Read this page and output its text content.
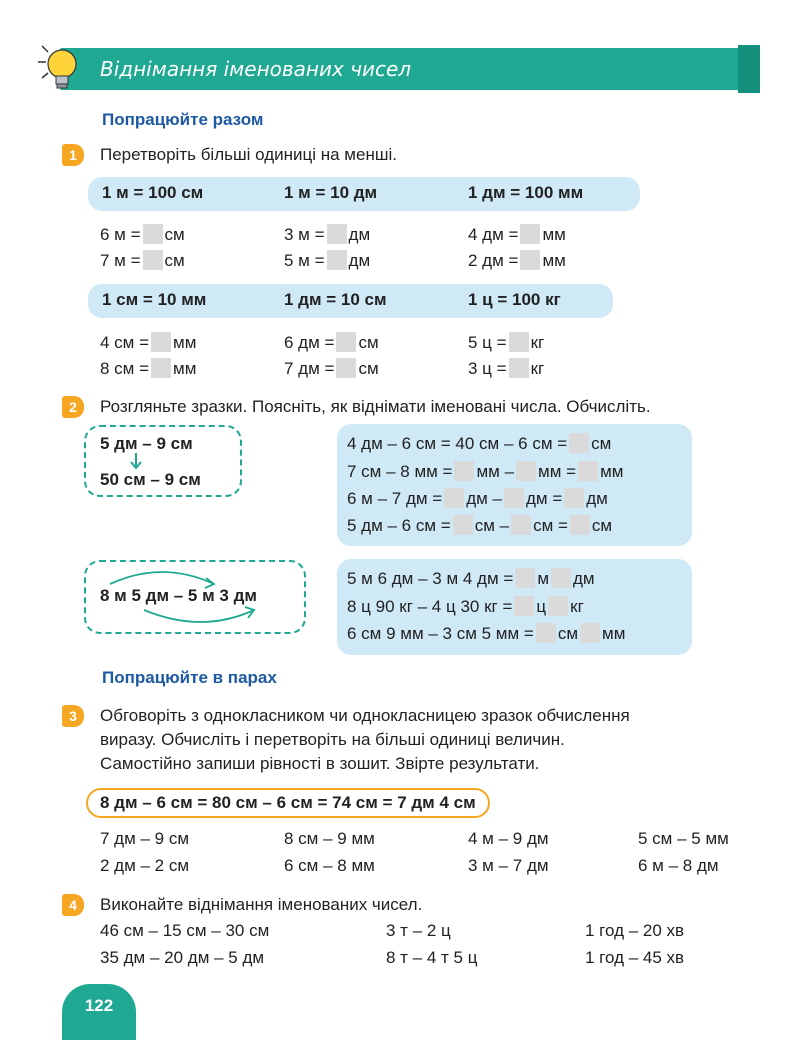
Віднімання іменованих чисел
Попрацюйте разом
1	Перетворіть більші одиниці на менші.
1 м = 100 см	1 м = 10 дм	1 дм = 100 мм
6 м = см	3 м = дм	4 дм = мм
7 м = см	5 м = дм	2 дм = мм
1 см = 10 мм	1 дм = 10 см	1 ц = 100 кг
4 см = мм	6 дм = см	5 ц = кг
8 см = мм	7 дм = см	3 ц = кг
2	Розгляньте зразки. Поясніть, як віднімати іменовані числа. Обчисліть.
5 дм – 9 см
50 см – 9 см
4 дм – 6 см = 40 см – 6 см = см
7 см – 8 мм = мм – мм = мм
6 м – 7 дм = дм – дм = дм
5 дм – 6 см = см – см = см
8 м 5 дм – 5 м 3 дм
5 м 6 дм – 3 м 4 дм = м дм
8 ц 90 кг – 4 ц 30 кг = ц кг
6 см 9 мм – 3 см 5 мм = см мм
Попрацюйте в парах
3	Обговоріть з однокласником чи однокласницею зразок обчислення
виразу. Обчисліть і перетворіть на більші одиниці величин.
Самостійно запиши рівності в зошит. Звірте результати.
8 дм – 6 см = 80 см – 6 см = 74 см = 7 дм 4 см
7 дм – 9 см	8 см – 9 мм	4 м – 9 дм	5 см – 5 мм
2 дм – 2 см	6 см – 8 мм	3 м – 7 дм	6 м – 8 дм
4	Виконайте віднімання іменованих чисел.
46 см – 15 см – 30 см	3 т – 2 ц	1 год – 20 хв
35 дм – 20 дм – 5 дм	8 т – 4 т 5 ц	1 год – 45 хв
122
